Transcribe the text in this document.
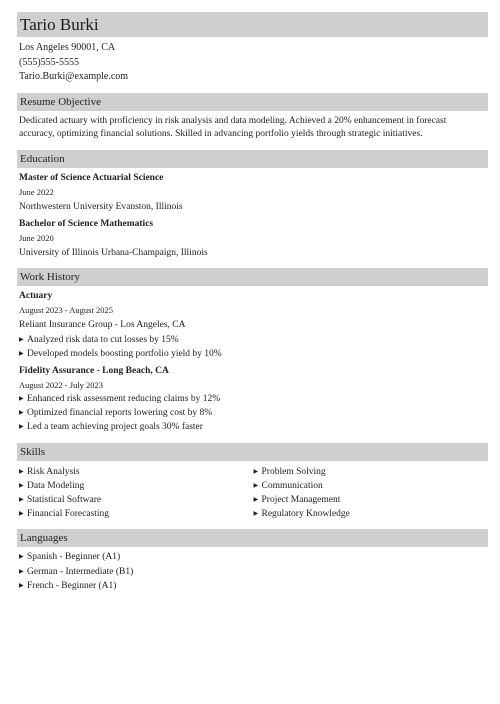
Tario Burki
Los Angeles 90001, CA
(555)555-5555
Tario.Burki@example.com
Resume Objective
Dedicated actuary with proficiency in risk analysis and data modeling. Achieved a 20% enhancement in forecast accuracy, optimizing financial solutions. Skilled in advancing portfolio yields through strategic initiatives.
Education
Master of Science Actuarial Science
June 2022
Northwestern University Evanston, Illinois
Bachelor of Science Mathematics
June 2020
University of Illinois Urbana-Champaign, Illinois
Work History
Actuary
August 2023 - August 2025
Reliant Insurance Group - Los Angeles, CA
▶ Analyzed risk data to cut losses by 15%
▶ Developed models boosting portfolio yield by 10%
Fidelity Assurance - Long Beach, CA
August 2022 - July 2023
▶ Enhanced risk assessment reducing claims by 12%
▶ Optimized financial reports lowering cost by 8%
▶ Led a team achieving project goals 30% faster
Skills
▶ Risk Analysis
▶ Data Modeling
▶ Statistical Software
▶ Financial Forecasting
▶ Problem Solving
▶ Communication
▶ Project Management
▶ Regulatory Knowledge
Languages
▶ Spanish - Beginner (A1)
▶ German - Intermediate (B1)
▶ French - Beginner (A1)
